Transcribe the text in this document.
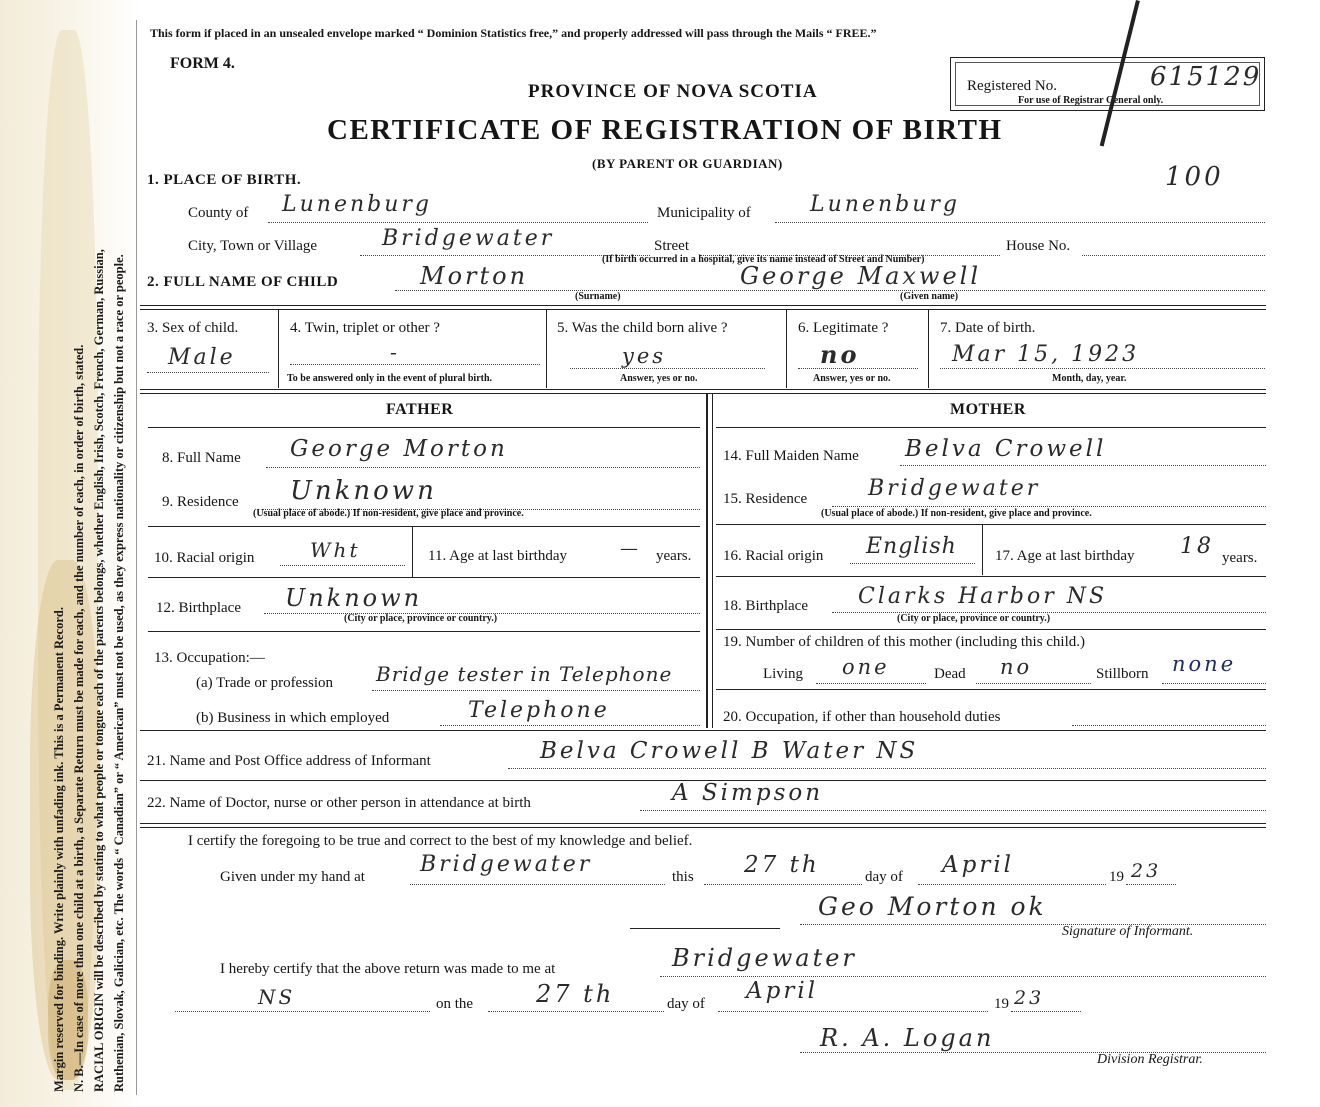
Margin reserved for binding. Write plainly with unfading ink. This is a Permanent Record. N. B.—In case of more than one child at a birth, a Separate Return must be made for each, and the number of each, in order of birth, stated. RACIAL ORIGIN will be described by stating to what people or tongue each of the parents belongs, whether English, Irish, Scotch, French, German, Russian, Ruthenian, Slovak, Galician, etc. The words “ Canadian” or “ American” must not be used, as they express nationality or citizenship but not a race or people.
This form if placed in an unsealed envelope marked “ Dominion Statistics free,” and properly addressed will pass through the Mails “ FREE.”
FORM 4.
PROVINCE OF NOVA SCOTIA
CERTIFICATE OF REGISTRATION OF BIRTH
(BY PARENT OR GUARDIAN)
Registered No.	615129
For use of Registrar General only.
100
1. PLACE OF BIRTH.
County of Lunenburg	Municipality of	Lunenburg
City, Town or Village	Bridgewater	Street	House No.
(If birth occurred in a hospital, give its name instead of Street and Number)
2. FULL NAME OF CHILD	Morton	George Maxwell
(Surname)	(Given name)
3. Sex of child.
Male
4. Twin, triplet or other ?
-
To be answered only in the event of plural birth.
5. Was the child born alive ?
yes
Answer, yes or no.
6. Legitimate ?
no
Answer, yes or no.
7. Date of birth.
Mar 15, 1923
Month, day, year.
FATHER	MOTHER
8. Full Name George Morton
9. Residence Unknown
(Usual place of abode.) If non-resident, give place and province.
10. Racial origin	Wht	11. Age at last birthday	— years.
12. Birthplace Unknown
(City or place, province or country.)
13. Occupation:—
(a) Trade or profession Bridge tester in Telephone
(b) Business in which employed	Telephone
14. Full Maiden Name Belva Crowell
15. Residence	Bridgewater
(Usual place of abode.) If non-resident, give place and province.
16. Racial origin English	17. Age at last birthday 18 years.
18. Birthplace Clarks Harbor NS
(City or place, province or country.)
19. Number of children of this mother (including this child.)
Living one	Dead no	Stillborn none
20. Occupation, if other than household duties
21. Name and Post Office address of Informant	Belva Crowell B Water NS
22. Name of Doctor, nurse or other person in attendance at birth	A Simpson
I certify the foregoing to be true and correct to the best of my knowledge and belief.
Given under my hand at	Bridgewater	this 27 th	day of April	19 23
Geo Morton ok
Signature of Informant.
I hereby certify that the above return was made to me at	Bridgewater
NS	on the	27 th	day of April	19 23
R. A. Logan
Division Registrar.
